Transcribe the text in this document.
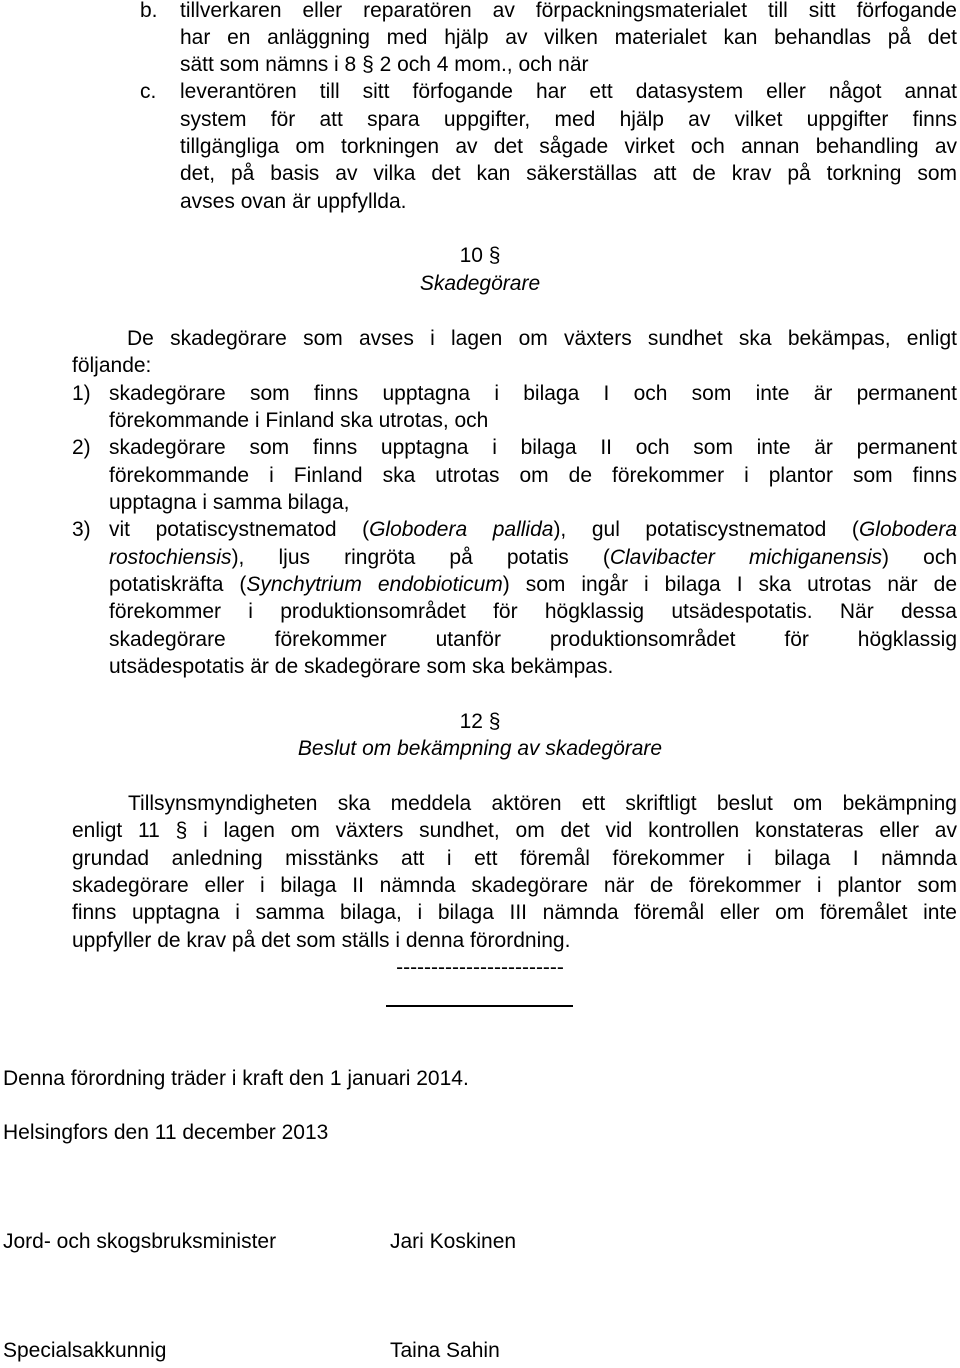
b. tillverkaren eller reparatören av förpackningsmaterialet till sitt förfogande
har en anläggning med hjälp av vilken materialet kan behandlas på det
sätt som nämns i 8 § 2 och 4 mom., och när
c. leverantören till sitt förfogande har ett datasystem eller något annat
system för att spara uppgifter, med hjälp av vilket uppgifter finns
tillgängliga om torkningen av det sågade virket och annan behandling av
det, på basis av vilka det kan säkerställas att de krav på torkning som
avses ovan är uppfyllda.
10 §
Skadegörare
De skadegörare som avses i lagen om växters sundhet ska bekämpas, enligt
följande:
1) skadegörare som finns upptagna i bilaga I och som inte är permanent
förekommande i Finland ska utrotas, och
2) skadegörare som finns upptagna i bilaga II och som inte är permanent
förekommande i Finland ska utrotas om de förekommer i plantor som finns
upptagna i samma bilaga,
3) vit potatiscystnematod (Globodera pallida), gul potatiscystnematod (Globodera
rostochiensis), ljus ringröta på potatis (Clavibacter michiganensis) och
potatiskräfta (Synchytrium endobioticum) som ingår i bilaga I ska utrotas när de
förekommer i produktionsområdet för högklassig utsädespotatis. När dessa
skadegörare förekommer utanför produktionsområdet för högklassig
utsädespotatis är de skadegörare som ska bekämpas.
12 §
Beslut om bekämpning av skadegörare
Tillsynsmyndigheten ska meddela aktören ett skriftligt beslut om bekämpning
enligt 11 § i lagen om växters sundhet, om det vid kontrollen konstateras eller av
grundad anledning misstänks att i ett föremål förekommer i bilaga I nämnda
skadegörare eller i bilaga II nämnda skadegörare när de förekommer i plantor som
finns upptagna i samma bilaga, i bilaga III nämnda föremål eller om föremålet inte
uppfyller de krav på det som ställs i denna förordning.
------------------------
Denna förordning träder i kraft den 1 januari 2014.
Helsingfors den 11 december 2013
Jord- och skogsbruksminister	Jari Koskinen
Specialsakkunnig	Taina Sahin
